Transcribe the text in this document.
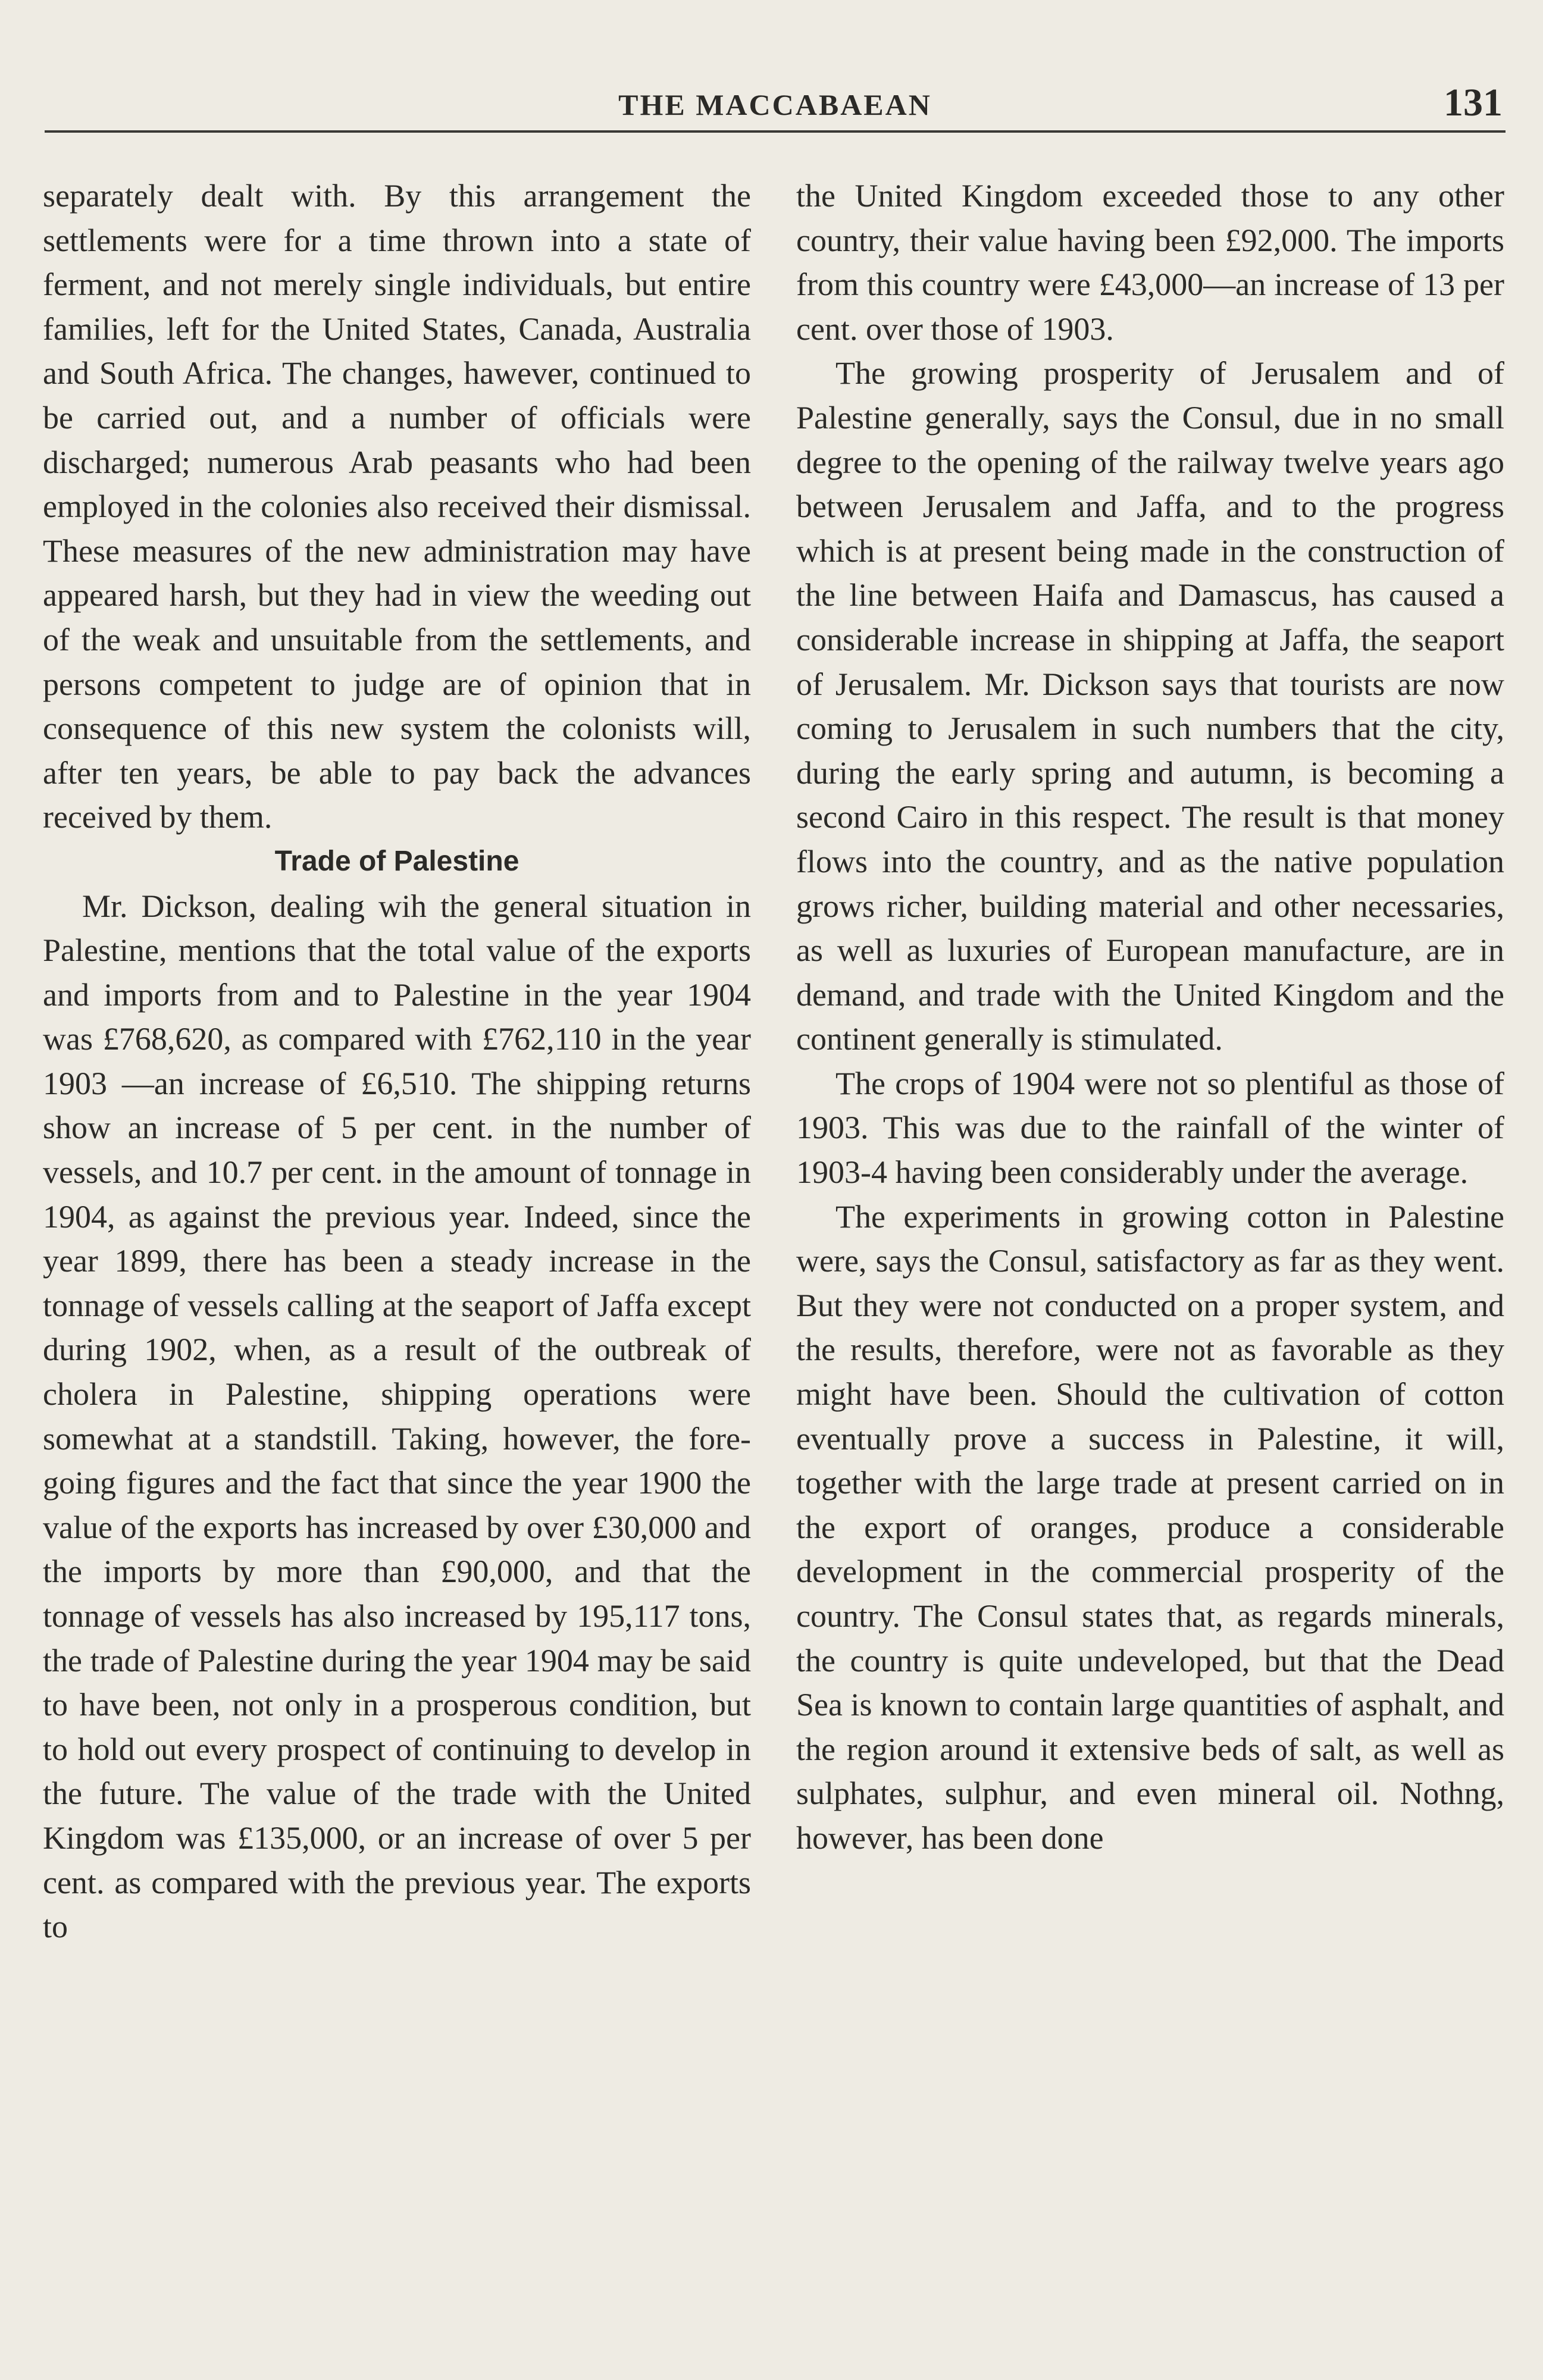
THE MACCABAEAN	131

separately dealt with. By this arrangement the settlements were for a time thrown into a state of ferment, and not merely single individuals, but entire families, left for the United States, Canada, Australia and South Africa. The changes, hawever, continued to be carried out, and a number of officials were discharged; numerous Arab peasants who had been employed in the colonies also received their dismissal. These measures of the new administration may have appeared harsh, but they had in view the weeding out of the weak and unsuitable from the settlements, and persons competent to judge are of opinion that in consequence of this new system the colonists will, after ten years, be able to pay back the advances received by them.

Trade of Palestine

Mr. Dickson, dealing wih the general situation in Palestine, mentions that the total value of the exports and imports from and to Palestine in the year 1904 was £768,620, as compared with £762,110 in the year 1903 —an increase of £6,510. The shipping returns show an increase of 5 per cent. in the number of vessels, and 10.7 per cent. in the amount of tonnage in 1904, as against the previous year. Indeed, since the year 1899, there has been a steady increase in the tonnage of vessels calling at the seaport of Jaffa except during 1902, when, as a result of the outbreak of cholera in Palestine, shipping operations were somewhat at a standstill. Taking, however, the foregoing figures and the fact that since the year 1900 the value of the exports has increased by over £30,000 and the imports by more than £90,000, and that the tonnage of vessels has also increased by 195,117 tons, the trade of Palestine during the year 1904 may be said to have been, not only in a prosperous condition, but to hold out every prospect of continuing to develop in the future. The value of the trade with the United Kingdom was £135,000, or an increase of over 5 per cent. as compared with the previous year. The exports to

the United Kingdom exceeded those to any other country, their value having been £92,000. The imports from this country were £43,000—an increase of 13 per cent. over those of 1903.

The growing prosperity of Jerusalem and of Palestine generally, says the Consul, due in no small degree to the opening of the railway twelve years ago between Jerusalem and Jaffa, and to the progress which is at present being made in the construction of the line between Haifa and Damascus, has caused a considerable increase in shipping at Jaffa, the seaport of Jerusalem. Mr. Dickson says that tourists are now coming to Jerusalem in such numbers that the city, during the early spring and autumn, is becoming a second Cairo in this respect. The result is that money flows into the country, and as the native population grows richer, building material and other necessaries, as well as luxuries of European manufacture, are in demand, and trade with the United Kingdom and the continent generally is stimulated.

The crops of 1904 were not so plentiful as those of 1903. This was due to the rainfall of the winter of 1903-4 having been considerably under the average.

The experiments in growing cotton in Palestine were, says the Consul, satisfactory as far as they went. But they were not conducted on a proper system, and the results, therefore, were not as favorable as they might have been. Should the cultivation of cotton eventually prove a success in Palestine, it will, together with the large trade at present carried on in the export of oranges, produce a considerable development in the commercial prosperity of the country. The Consul states that, as regards minerals, the country is quite undeveloped, but that the Dead Sea is known to contain large quantities of asphalt, and the region around it extensive beds of salt, as well as sulphates, sulphur, and even mineral oil. Nothng, however, has been done
